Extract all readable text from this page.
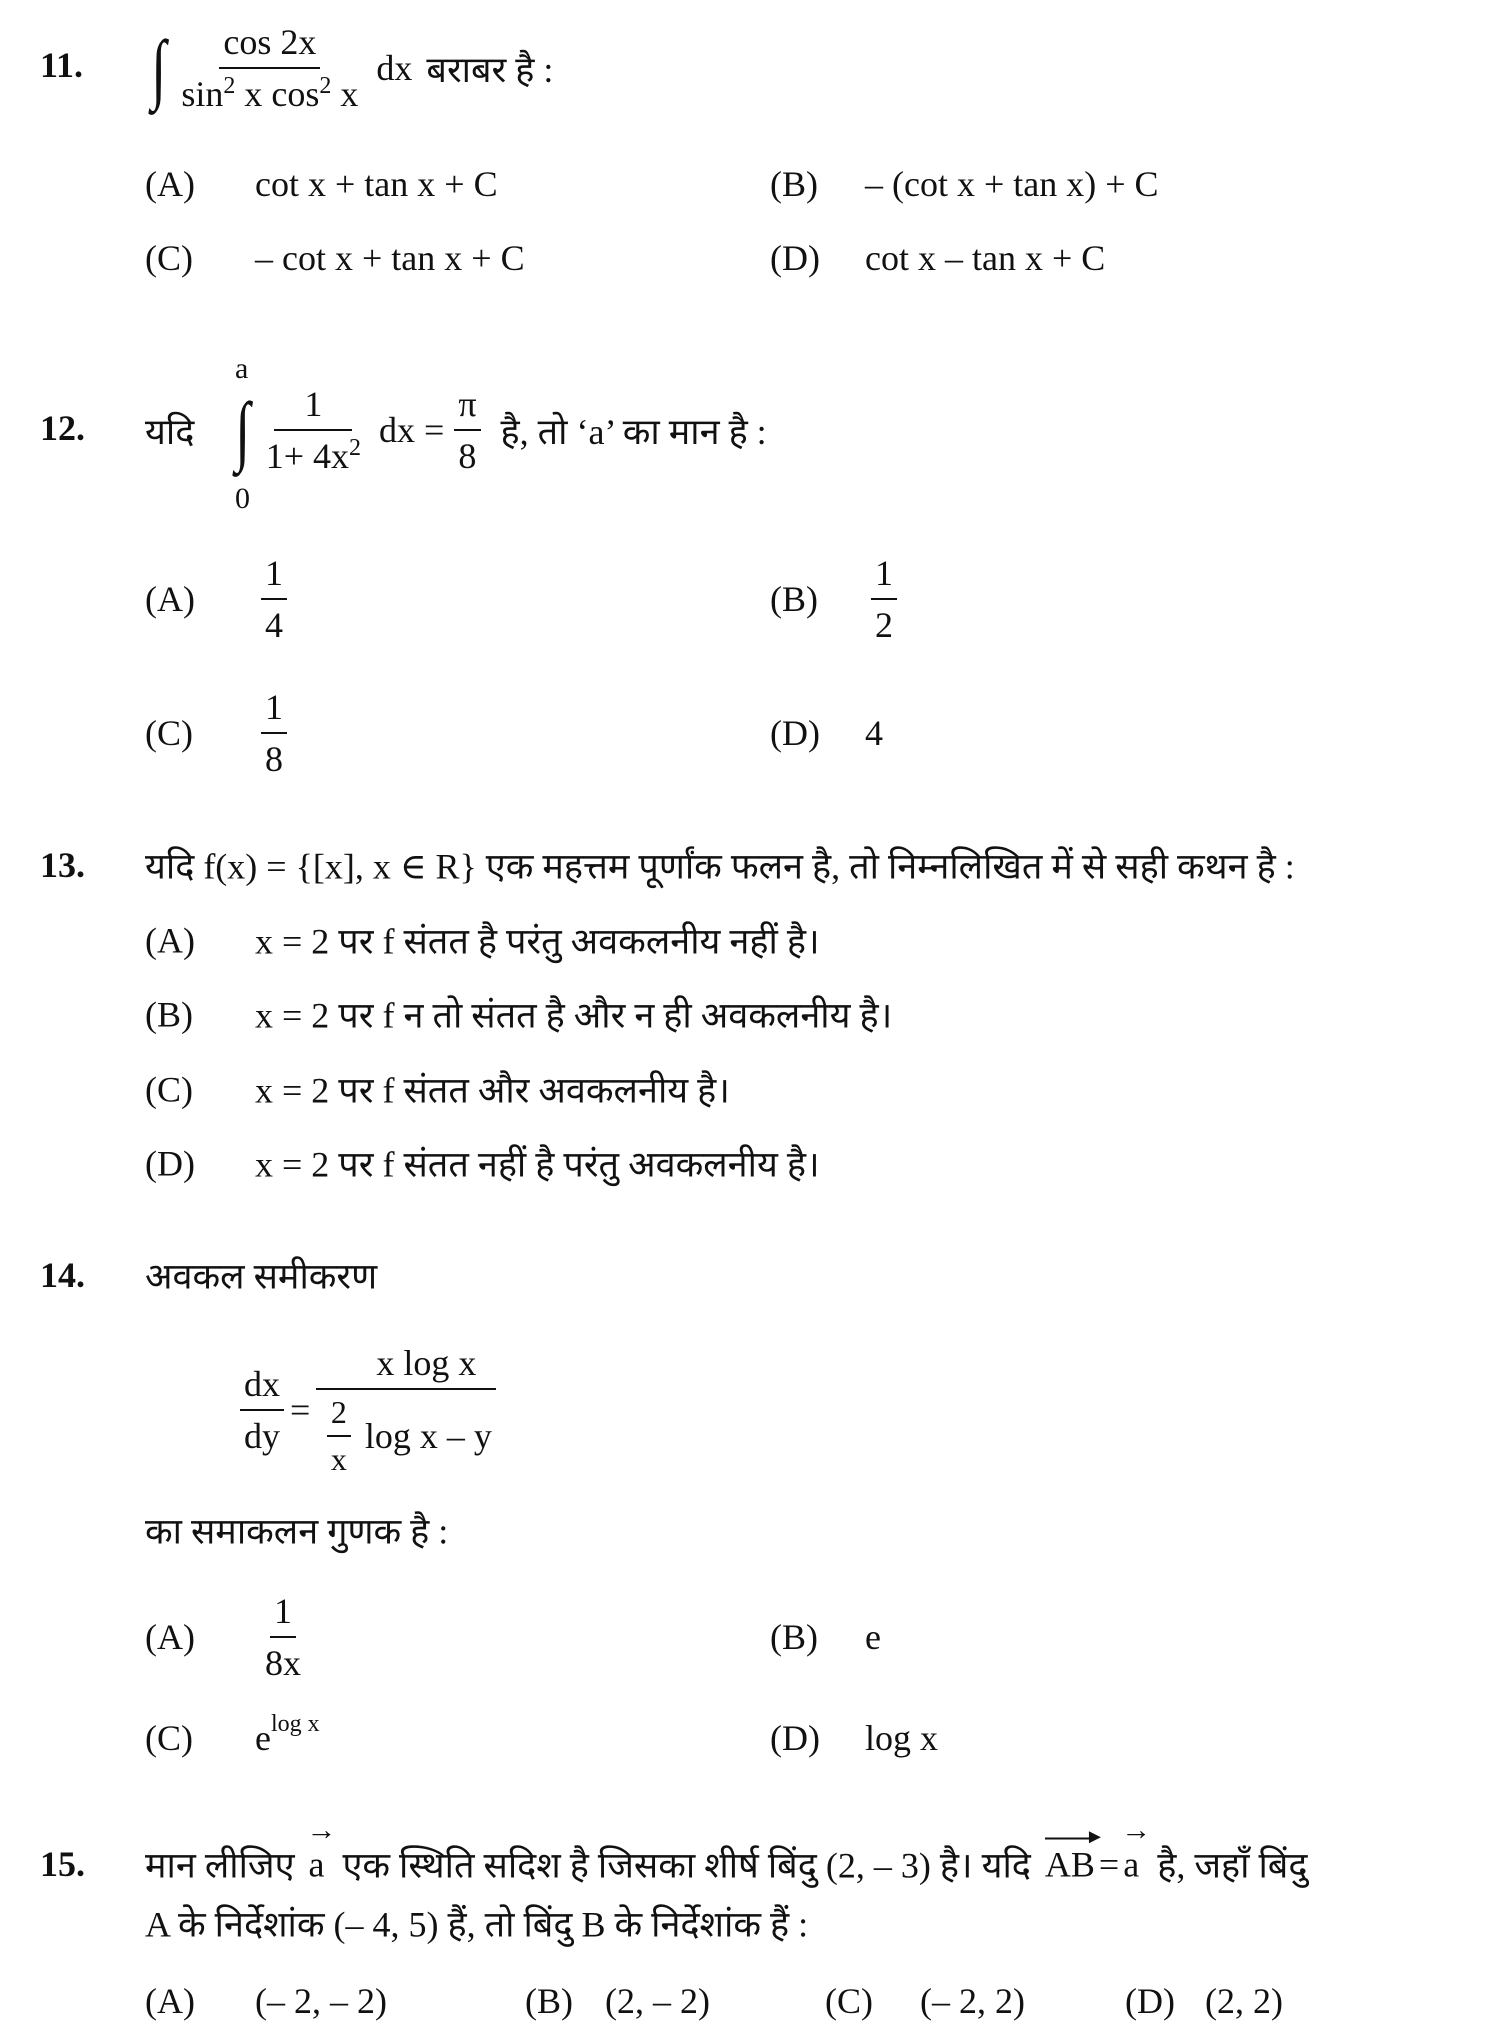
11. ∫ $\frac{\cos 2x}{\sin^2 x \cos^2 x}$ dx बराबर है :
(A)	cot x + tan x + C	(B)	– (cot x + tan x) + C
(C)	– cot x + tan x + C	(D)	cot x – tan x + C
12.
a
0
यदि ∫ $\frac{1}{1+ 4x^2}$ dx = $\frac{\pi}{8}$ है, तो ‘a’ का मान है :
(A)	$\frac{1}{4}$	(B)	$\frac{1}{2}$
(C)	$\frac{1}{8}$	(D)	4
13. यदि f(x) = {[x], x ∈ R} एक महत्तम पूर्णांक फलन है, तो निम्नलिखित में से सही कथन है :
(A)	x = 2 पर f संतत है परंतु अवकलनीय नहीं है।
(B)	x = 2 पर f न तो संतत है और न ही अवकलनीय है।
(C)	x = 2 पर f संतत और अवकलनीय है।
(D)	x = 2 पर f संतत नहीं है परंतु अवकलनीय है।
14. अवकल समीकरण
$\frac{dx}{dy} = \frac{\text{x log x}}{\frac{2}{x} \log x - y}$
का समाकलन गुणक है :
(A)	$\frac{1}{8x}$	(B)	e
(C)	$e^{log x}$	(D)	log x
15. मान लीजिए
→ a एक स्थिति सदिश है जिसका शीर्ष बिंदु (2, – 3) है। यदि AB ▸ =
→ a है, जहाँ बिंदु
A के निर्देशांक (– 4, 5) हैं, तो बिंदु B के निर्देशांक हैं :
(A)	(– 2, – 2)	(B) (2, – 2)	(C)	(– 2, 2)	(D) (2, 2)
